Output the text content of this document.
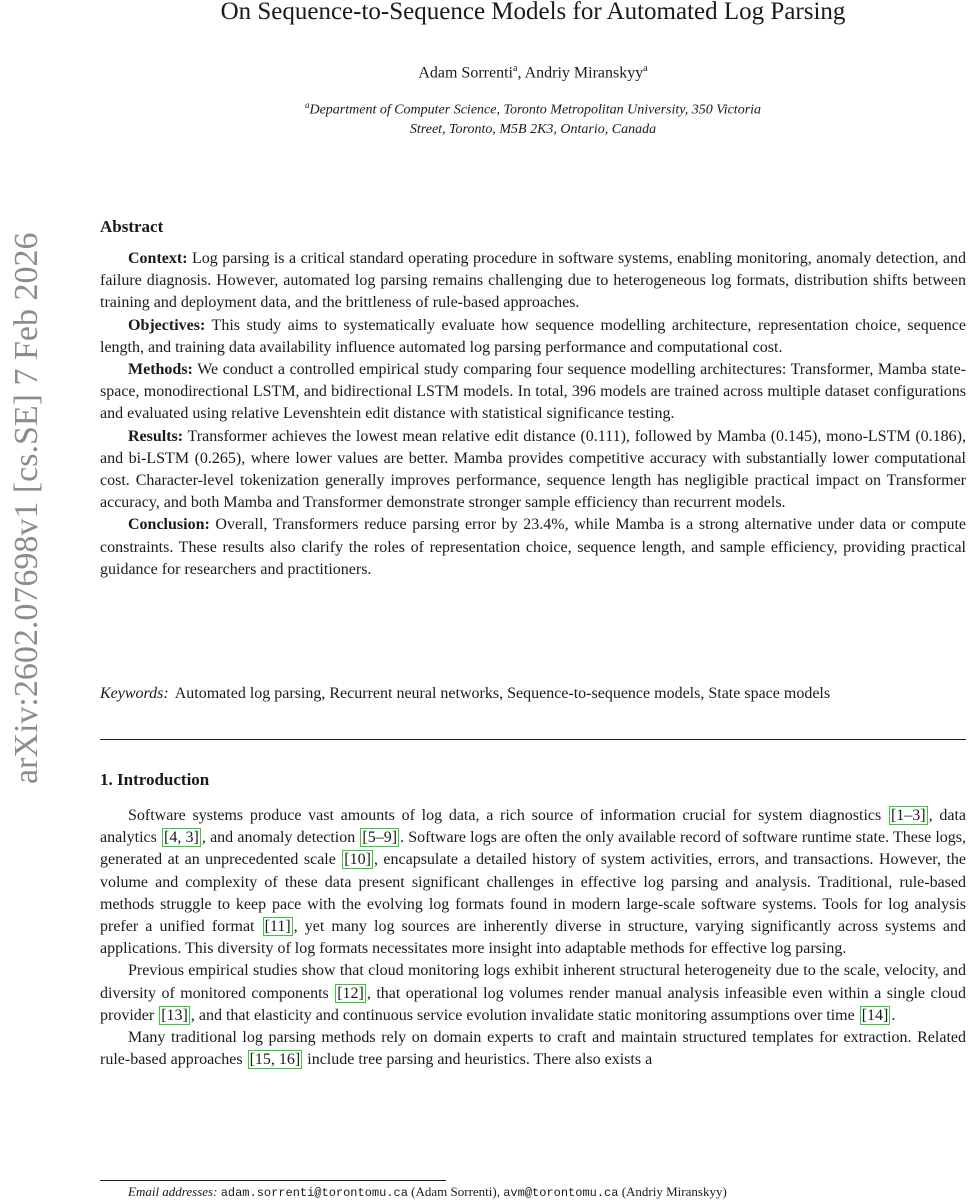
arXiv:2602.07698v1 [cs.SE] 7 Feb 2026
On Sequence-to-Sequence Models for Automated Log Parsing
Adam Sorrenti$^a$, Andriy Miranskyy$^a$
$^a$Department of Computer Science, Toronto Metropolitan University, 350 Victoria
Street, Toronto, M5B 2K3, Ontario, Canada
Abstract

Context: Log parsing is a critical standard operating procedure in software systems, enabling monitoring, anomaly detection, and failure diagnosis. However, automated log parsing remains challenging due to heterogeneous log formats, distribution shifts between training and deployment data, and the brittleness of rule-based approaches.

Objectives: This study aims to systematically evaluate how sequence modelling architecture, representation choice, sequence length, and training data availability influence automated log parsing performance and computational cost.

Methods: We conduct a controlled empirical study comparing four sequence modelling architectures: Transformer, Mamba state-space, monodirectional LSTM, and bidirectional LSTM models. In total, 396 models are trained across multiple dataset configurations and evaluated using relative Levenshtein edit distance with statistical significance testing.

Results: Transformer achieves the lowest mean relative edit distance (0.111), followed by Mamba (0.145), mono-LSTM (0.186), and bi-LSTM (0.265), where lower values are better. Mamba provides competitive accuracy with substantially lower computational cost. Character-level tokenization generally improves performance, sequence length has negligible practical impact on Transformer accuracy, and both Mamba and Transformer demonstrate stronger sample efficiency than recurrent models.

Conclusion: Overall, Transformers reduce parsing error by 23.4%, while Mamba is a strong alternative under data or compute constraints. These results also clarify the roles of representation choice, sequence length, and sample efficiency, providing practical guidance for researchers and practitioners.

Keywords: Automated log parsing, Recurrent neural networks, Sequence-to-sequence models, State space models
1. Introduction

Software systems produce vast amounts of log data, a rich source of information crucial for system diagnostics [1–3] , data analytics [4, 3] , and anomaly detection [5–9] . Software logs are often the only available record of software runtime state. These logs, generated at an unprecedented scale [10] , encapsulate a detailed history of system activities, errors, and transactions. However, the volume and complexity of these data present significant challenges in effective log parsing and analysis. Traditional, rule-based methods struggle to keep pace with the evolving log formats found in modern large-scale software systems. Tools for log analysis prefer a unified format [11] , yet many log sources are inherently diverse in structure, varying significantly across systems and applications. This diversity of log formats necessitates more insight into adaptable methods for effective log parsing.

Previous empirical studies show that cloud monitoring logs exhibit inherent structural heterogeneity due to the scale, velocity, and diversity of monitored components [12] , that operational log volumes render manual analysis infeasible even within a single cloud provider [13] , and that elasticity and continuous service evolution invalidate static monitoring assumptions over time [14] .

Many traditional log parsing methods rely on domain experts to craft and maintain structured templates for extraction. Related rule-based approaches [15, 16] include tree parsing and heuristics. There also exists a

Email addresses: adam.sorrenti@torontomu.ca (Adam Sorrenti), avm@torontomu.ca (Andriy Miranskyy)
